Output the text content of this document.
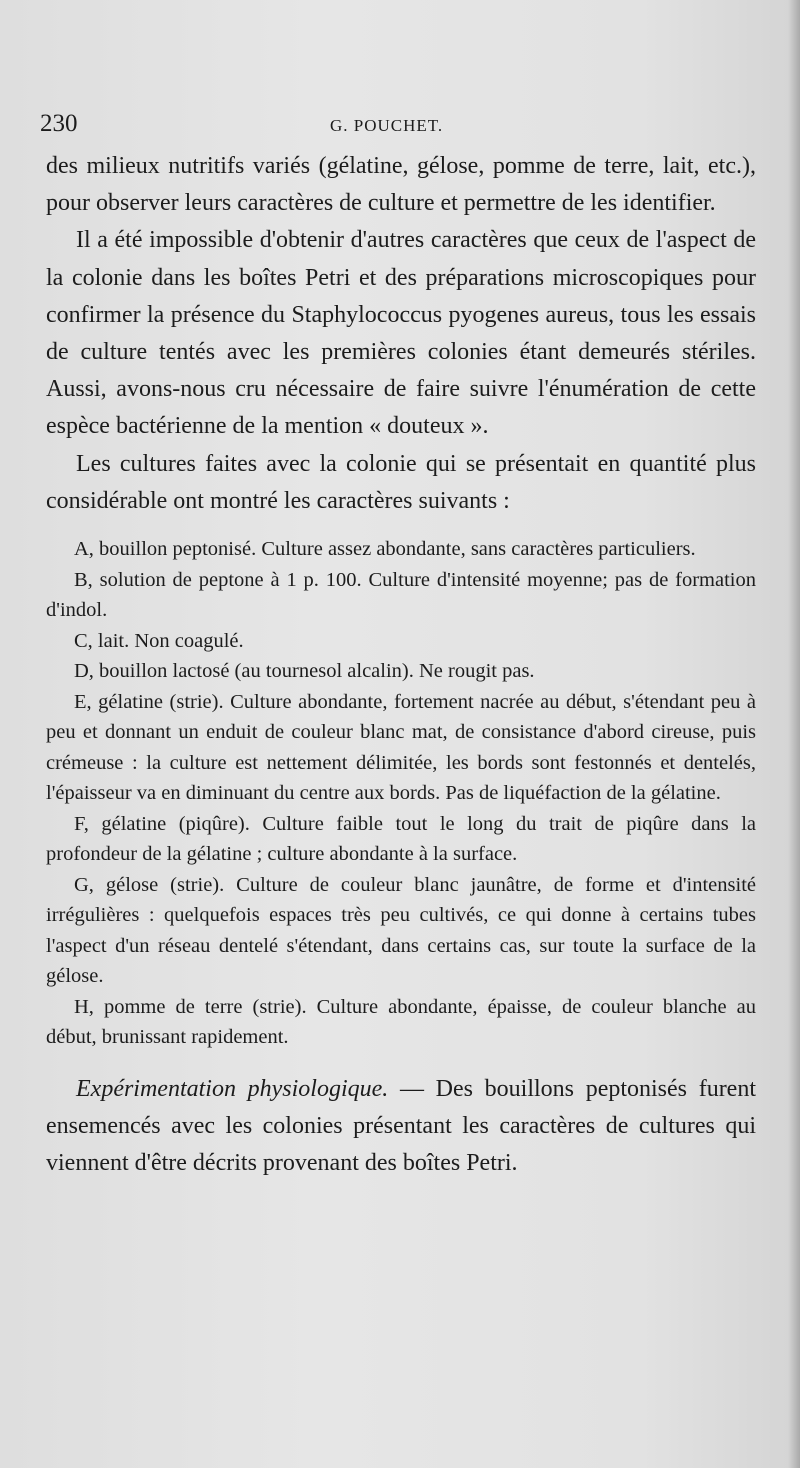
230	G. POUCHET.

des milieux nutritifs variés (gélatine, gélose, pomme de terre, lait, etc.), pour observer leurs caractères de culture et permettre de les identifier.

Il a été impossible d'obtenir d'autres caractères que ceux de l'aspect de la colonie dans les boîtes Petri et des préparations microscopiques pour confirmer la présence du Staphylococcus pyogenes aureus, tous les essais de culture tentés avec les premières colonies étant demeurés stériles. Aussi, avons-nous cru nécessaire de faire suivre l'énumération de cette espèce bactérienne de la mention « douteux ».

Les cultures faites avec la colonie qui se présentait en quantité plus considérable ont montré les caractères suivants :

A, bouillon peptonisé. Culture assez abondante, sans caractères particuliers.

B, solution de peptone à 1 p. 100. Culture d'intensité moyenne; pas de formation d'indol.

C, lait. Non coagulé.

D, bouillon lactosé (au tournesol alcalin). Ne rougit pas.

E, gélatine (strie). Culture abondante, fortement nacrée au début, s'étendant peu à peu et donnant un enduit de couleur blanc mat, de consistance d'abord cireuse, puis crémeuse : la culture est nettement délimitée, les bords sont festonnés et dentelés, l'épaisseur va en diminuant du centre aux bords. Pas de liquéfaction de la gélatine.

F, gélatine (piqûre). Culture faible tout le long du trait de piqûre dans la profondeur de la gélatine ; culture abondante à la surface.

G, gélose (strie). Culture de couleur blanc jaunâtre, de forme et d'intensité irrégulières : quelquefois espaces très peu cultivés, ce qui donne à certains tubes l'aspect d'un réseau dentelé s'étendant, dans certains cas, sur toute la surface de la gélose.

H, pomme de terre (strie). Culture abondante, épaisse, de couleur blanche au début, brunissant rapidement.

Expérimentation physiologique. — Des bouillons peptonisés furent ensemencés avec les colonies présentant les caractères de cultures qui viennent d'être décrits provenant des boîtes Petri.
